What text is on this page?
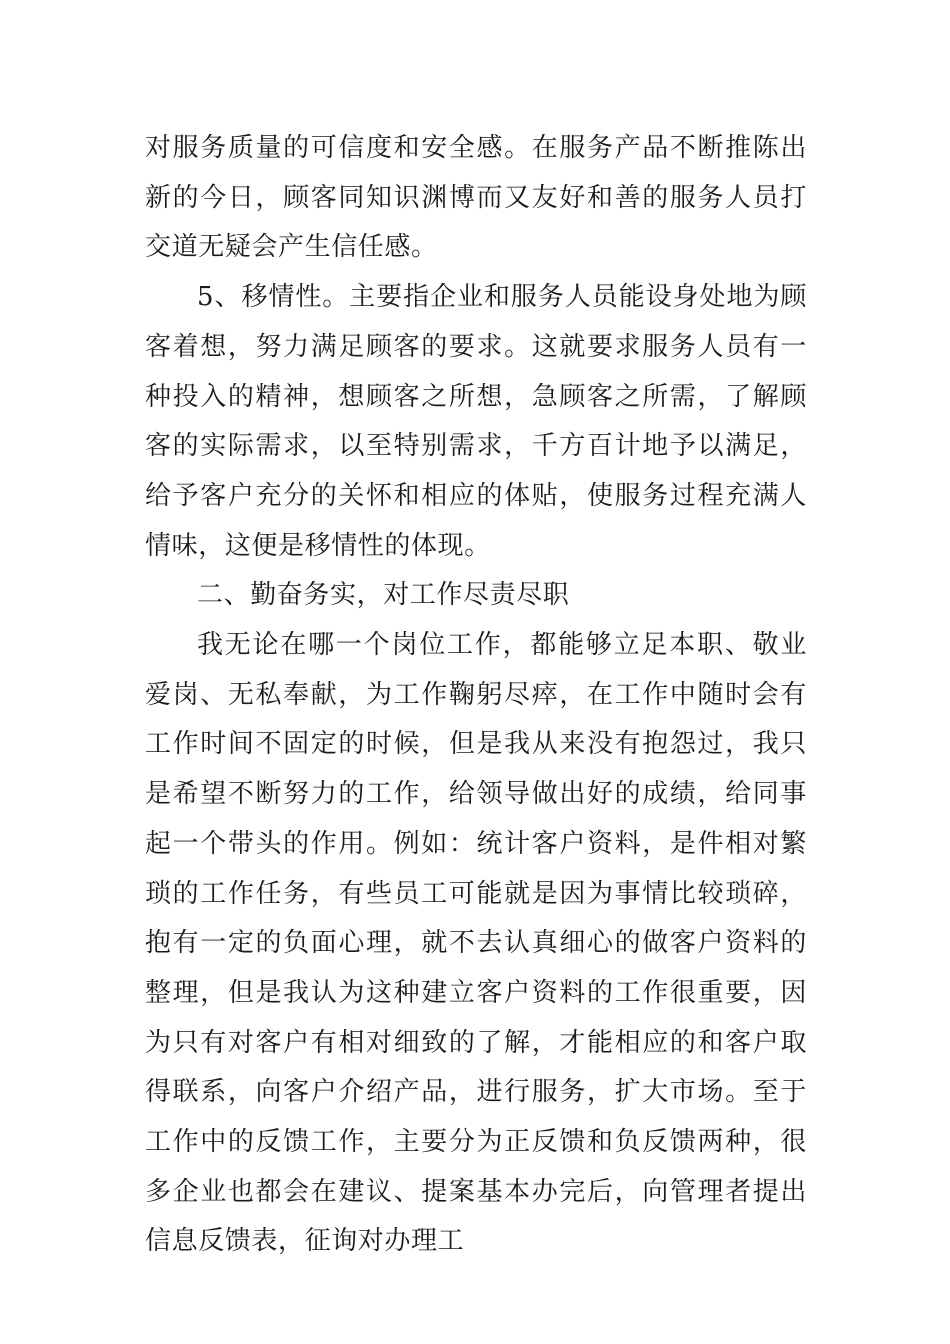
对服务质量的可信度和安全感。在服务产品不断推陈出新的今日，顾客同知识渊博而又友好和善的服务人员打交道无疑会产生信任感。

5、移情性。主要指企业和服务人员能设身处地为顾客着想，努力满足顾客的要求。这就要求服务人员有一种投入的精神，想顾客之所想，急顾客之所需，了解顾客的实际需求，以至特别需求，千方百计地予以满足，给予客户充分的关怀和相应的体贴，使服务过程充满人情味，这便是移情性的体现。

二、勤奋务实，对工作尽责尽职

我无论在哪一个岗位工作，都能够立足本职、敬业爱岗、无私奉献，为工作鞠躬尽瘁，在工作中随时会有工作时间不固定的时候，但是我从来没有抱怨过，我只是希望不断努力的工作，给领导做出好的成绩，给同事起一个带头的作用。例如：统计客户资料，是件相对繁琐的工作任务，有些员工可能就是因为事情比较琐碎，抱有一定的负面心理，就不去认真细心的做客户资料的整理，但是我认为这种建立客户资料的工作很重要，因为只有对客户有相对细致的了解，才能相应的和客户取得联系，向客户介绍产品，进行服务，扩大市场。至于工作中的反馈工作，主要分为正反馈和负反馈两种，很多企业也都会在建议、提案基本办完后，向管理者提出信息反馈表，征询对办理工
